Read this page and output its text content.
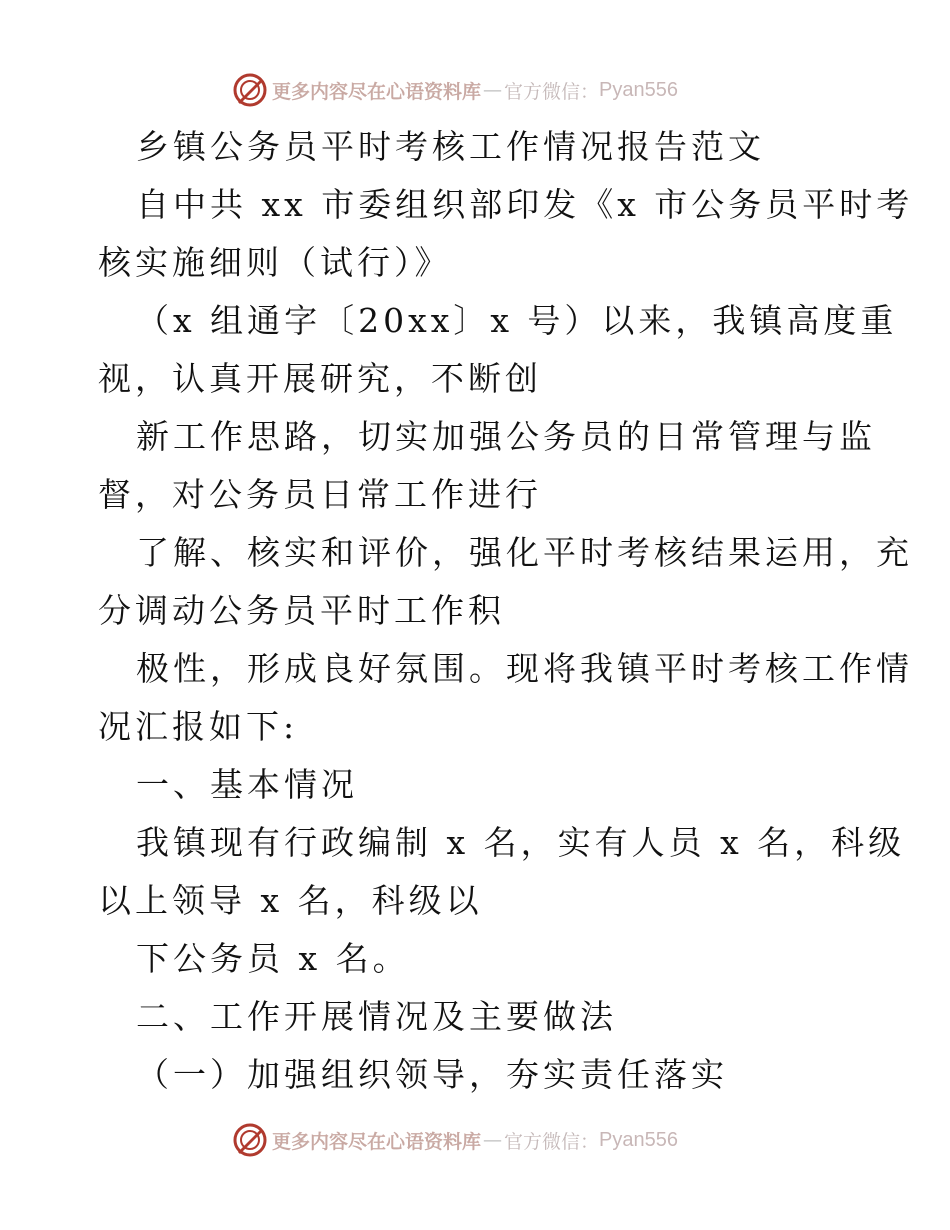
更多内容尽在心语资料库 — 官方微信： Pyan556
乡镇公务员平时考核工作情况报告范文
自中共 xx 市委组织部印发《x 市公务员平时考
核实施细则（试行）》
（x 组通字〔20xx〕x 号）以来，我镇高度重
视，认真开展研究，不断创
新工作思路，切实加强公务员的日常管理与监
督，对公务员日常工作进行
了解、核实和评价，强化平时考核结果运用，充
分调动公务员平时工作积
极性，形成良好氛围。现将我镇平时考核工作情
况汇报如下:
一、基本情况
我镇现有行政编制 x 名，实有人员 x 名，科级
以上领导 x 名，科级以
下公务员 x 名。
二、工作开展情况及主要做法
（一）加强组织领导，夯实责任落实
更多内容尽在心语资料库 — 官方微信： Pyan556
